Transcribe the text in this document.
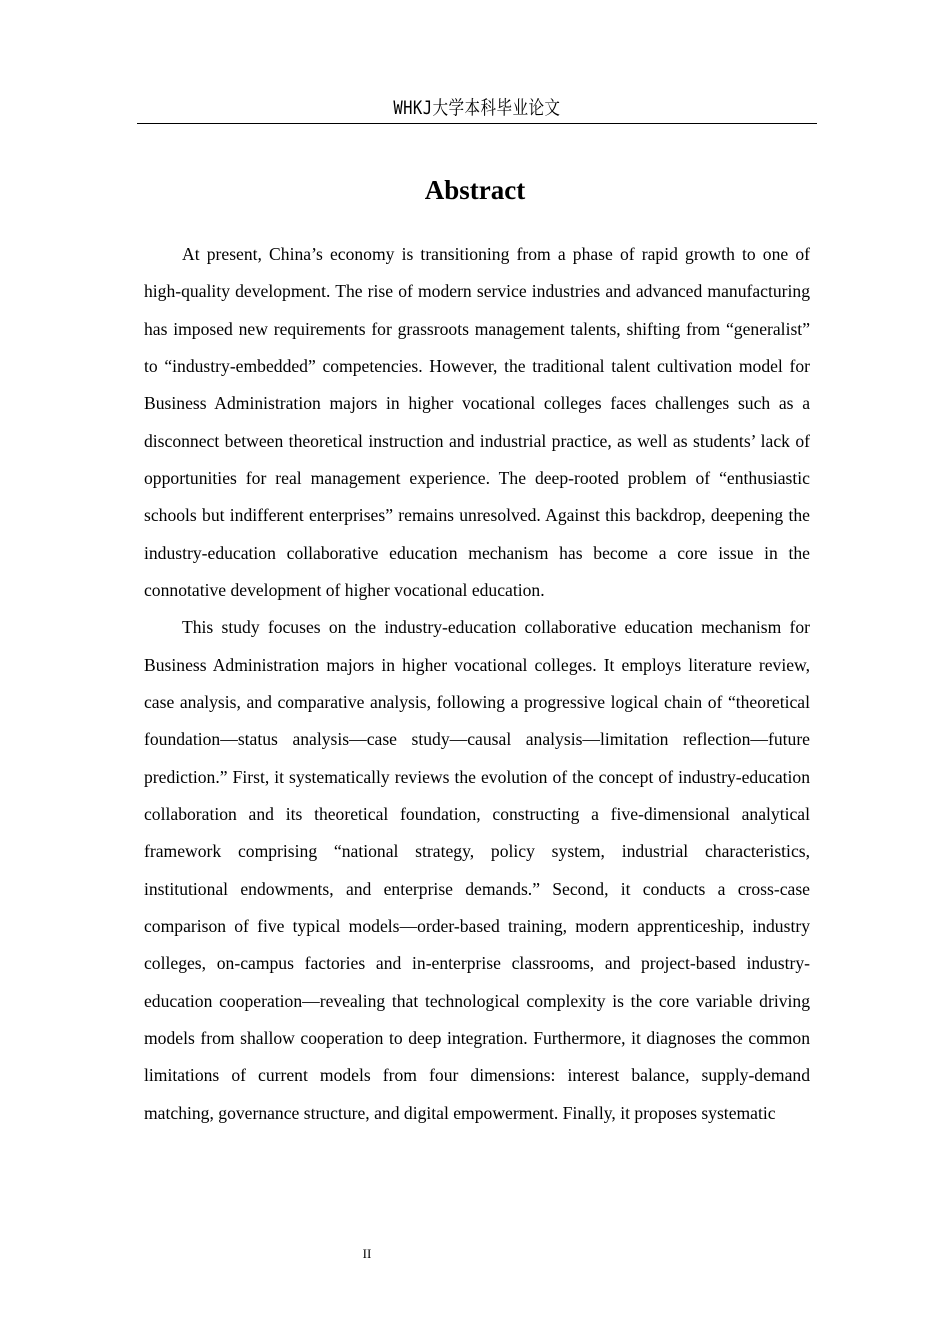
WHKJ大学本科毕业论文
Abstract

At present, China’s economy is transitioning from a phase of rapid growth to one of high-quality development. The rise of modern service industries and advanced manufacturing has imposed new requirements for grassroots management talents, shifting from “generalist” to “industry-embedded” competencies. However, the traditional talent cultivation model for Business Administration majors in higher vocational colleges faces challenges such as a disconnect between theoretical instruction and industrial practice, as well as students’ lack of opportunities for real management experience. The deep-rooted problem of “enthusiastic schools but indifferent enterprises” remains unresolved. Against this backdrop, deepening the industry-education collaborative education mechanism has become a core issue in the connotative development of higher vocational education.

This study focuses on the industry-education collaborative education mechanism for Business Administration majors in higher vocational colleges. It employs literature review, case analysis, and comparative analysis, following a progressive logical chain of “theoretical foundation—status analysis—case study—causal analysis—limitation reflection—future prediction.” First, it systematically reviews the evolution of the concept of industry-education collaboration and its theoretical foundation, constructing a five-dimensional analytical framework comprising “national strategy, policy system, industrial characteristics, institutional endowments, and enterprise demands.” Second, it conducts a cross-case comparison of five typical models—order-based training, modern apprenticeship, industry colleges, on-campus factories and in-enterprise classrooms, and project-based industry-education cooperation—revealing that technological complexity is the core variable driving models from shallow cooperation to deep integration. Furthermore, it diagnoses the common limitations of current models from four dimensions: interest balance, supply-demand matching, governance structure, and digital empowerment. Finally, it proposes systematic

II
